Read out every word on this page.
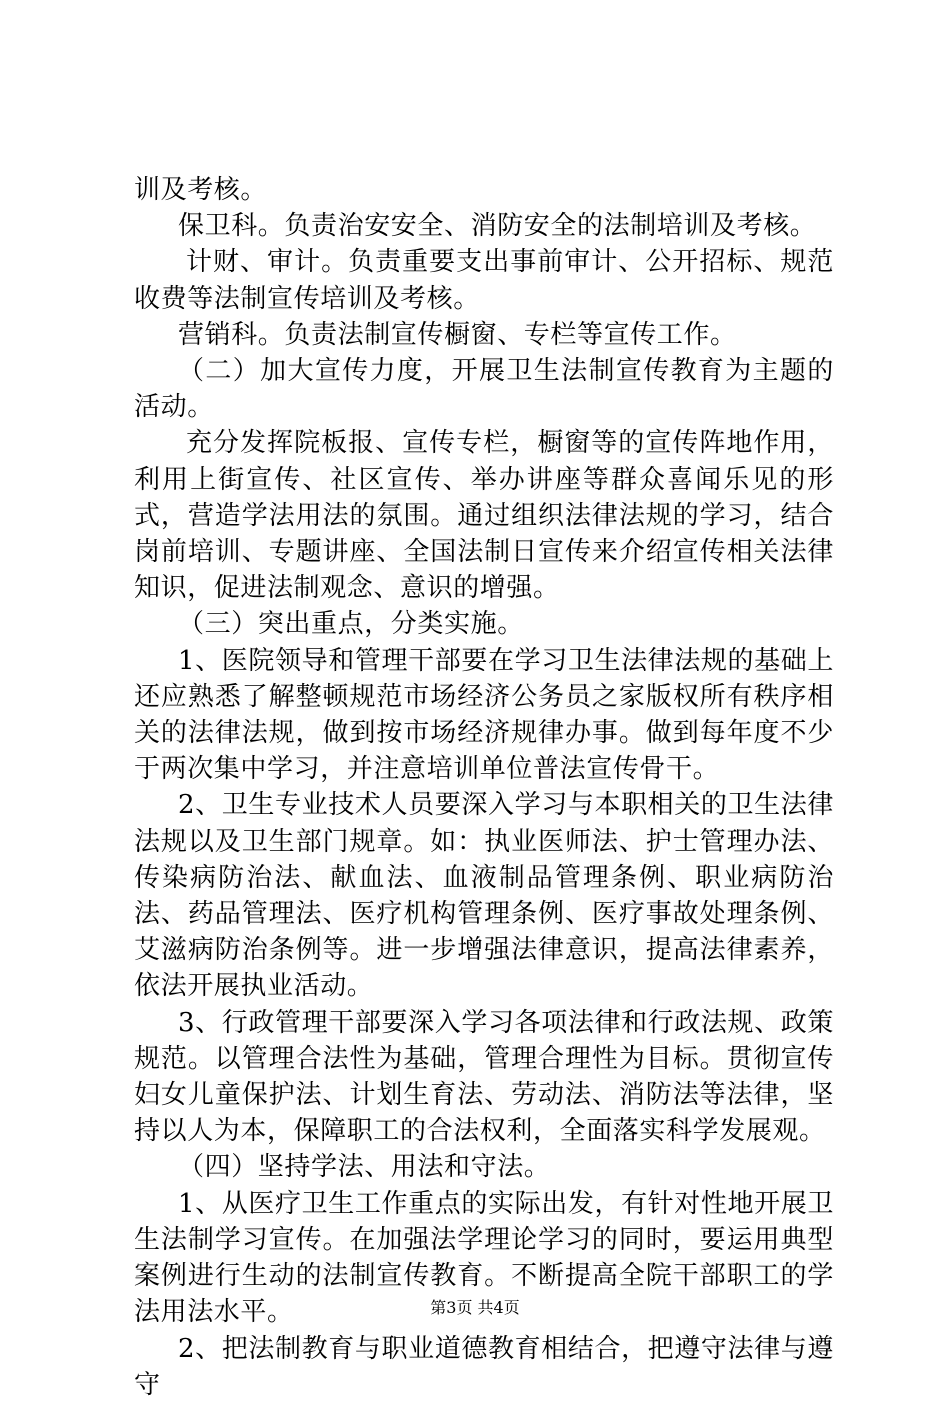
训及考核。

保卫科。负责治安安全、消防安全的法制培训及考核。

计财、审计。负责重要支出事前审计、公开招标、规范收费等法制宣传培训及考核。

营销科。负责法制宣传橱窗、专栏等宣传工作。

（二）加大宣传力度，开展卫生法制宣传教育为主题的活动。

充分发挥院板报、宣传专栏，橱窗等的宣传阵地作用，利用上街宣传、社区宣传、举办讲座等群众喜闻乐见的形式，营造学法用法的氛围。通过组织法律法规的学习，结合岗前培训、专题讲座、全国法制日宣传来介绍宣传相关法律知识，促进法制观念、意识的增强。

（三）突出重点，分类实施。

1、医院领导和管理干部要在学习卫生法律法规的基础上还应熟悉了解整顿规范市场经济公务员之家版权所有秩序相关的法律法规，做到按市场经济规律办事。做到每年度不少于两次集中学习，并注意培训单位普法宣传骨干。

2、卫生专业技术人员要深入学习与本职相关的卫生法律法规以及卫生部门规章。如：执业医师法、护士管理办法、传染病防治法、献血法、血液制品管理条例、职业病防治法、药品管理法、医疗机构管理条例、医疗事故处理条例、艾滋病防治条例等。进一步增强法律意识，提高法律素养，依法开展执业活动。

3、行政管理干部要深入学习各项法律和行政法规、政策规范。以管理合法性为基础，管理合理性为目标。贯彻宣传妇女儿童保护法、计划生育法、劳动法、消防法等法律，坚持以人为本，保障职工的合法权利，全面落实科学发展观。

（四）坚持学法、用法和守法。

1、从医疗卫生工作重点的实际出发，有针对性地开展卫生法制学习宣传。在加强法学理论学习的同时，要运用典型案例进行生动的法制宣传教育。不断提高全院干部职工的学法用法水平。

2、把法制教育与职业道德教育相结合，把遵守法律与遵守

第3页 共4页
